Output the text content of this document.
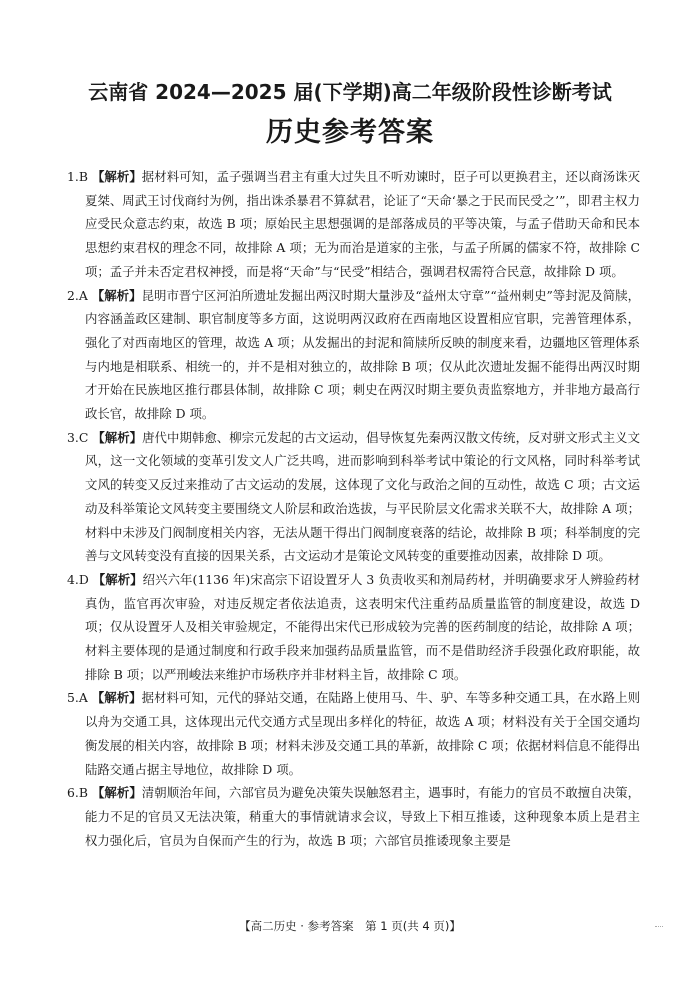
云南省 2024—2025 届(下学期)高二年级阶段性诊断考试
历史参考答案

1.B 【解析】据材料可知，孟子强调当君主有重大过失且不听劝谏时，臣子可以更换君主，还以商汤诛灭夏桀、周武王讨伐商纣为例，指出诛杀暴君不算弑君，论证了“天命‘暴之于民而民受之’”，即君主权力应受民众意志约束，故选 B 项；原始民主思想强调的是部落成员的平等决策，与孟子借助天命和民本思想约束君权的理念不同，故排除 A 项；无为而治是道家的主张，与孟子所属的儒家不符，故排除 C 项；孟子并未否定君权神授，而是将“天命”与“民受”相结合，强调君权需符合民意，故排除 D 项。

2.A 【解析】昆明市晋宁区河泊所遗址发掘出两汉时期大量涉及“益州太守章”“益州刺史”等封泥及简牍，内容涵盖政区建制、职官制度等多方面，这说明两汉政府在西南地区设置相应官职，完善管理体系，强化了对西南地区的管理，故选 A 项；从发掘出的封泥和简牍所反映的制度来看，边疆地区管理体系与内地是相联系、相统一的，并不是相对独立的，故排除 B 项；仅从此次遗址发掘不能得出两汉时期才开始在民族地区推行郡县体制，故排除 C 项；刺史在两汉时期主要负责监察地方，并非地方最高行政长官，故排除 D 项。

3.C 【解析】唐代中期韩愈、柳宗元发起的古文运动，倡导恢复先秦两汉散文传统，反对骈文形式主义文风，这一文化领域的变革引发文人广泛共鸣，进而影响到科举考试中策论的行文风格，同时科举考试文风的转变又反过来推动了古文运动的发展，这体现了文化与政治之间的互动性，故选 C 项；古文运动及科举策论文风转变主要围绕文人阶层和政治选拔，与平民阶层文化需求关联不大，故排除 A 项；材料中未涉及门阀制度相关内容，无法从题干得出门阀制度衰落的结论，故排除 B 项；科举制度的完善与文风转变没有直接的因果关系，古文运动才是策论文风转变的重要推动因素，故排除 D 项。

4.D 【解析】绍兴六年(1136 年)宋高宗下诏设置牙人 3 负责收买和剂局药材，并明确要求牙人辨验药材真伪，监官再次审验，对违反规定者依法追责，这表明宋代注重药品质量监管的制度建设，故选 D 项；仅从设置牙人及相关审验规定，不能得出宋代已形成较为完善的医药制度的结论，故排除 A 项；材料主要体现的是通过制度和行政手段来加强药品质量监管，而不是借助经济手段强化政府职能，故排除 B 项；以严刑峻法来维护市场秩序并非材料主旨，故排除 C 项。

5.A 【解析】据材料可知，元代的驿站交通，在陆路上使用马、牛、驴、车等多种交通工具，在水路上则以舟为交通工具，这体现出元代交通方式呈现出多样化的特征，故选 A 项；材料没有关于全国交通均衡发展的相关内容，故排除 B 项；材料未涉及交通工具的革新，故排除 C 项；依据材料信息不能得出陆路交通占据主导地位，故排除 D 项。

6.B 【解析】清朝顺治年间，六部官员为避免决策失误触怒君主，遇事时，有能力的官员不敢擅自决策，能力不足的官员又无法决策，稍重大的事情就请求会议，导致上下相互推诿，这种现象本质上是君主权力强化后，官员为自保而产生的行为，故选 B 项；六部官员推诿现象主要是

【高二历史 · 参考答案　第 1 页(共 4 页)】
